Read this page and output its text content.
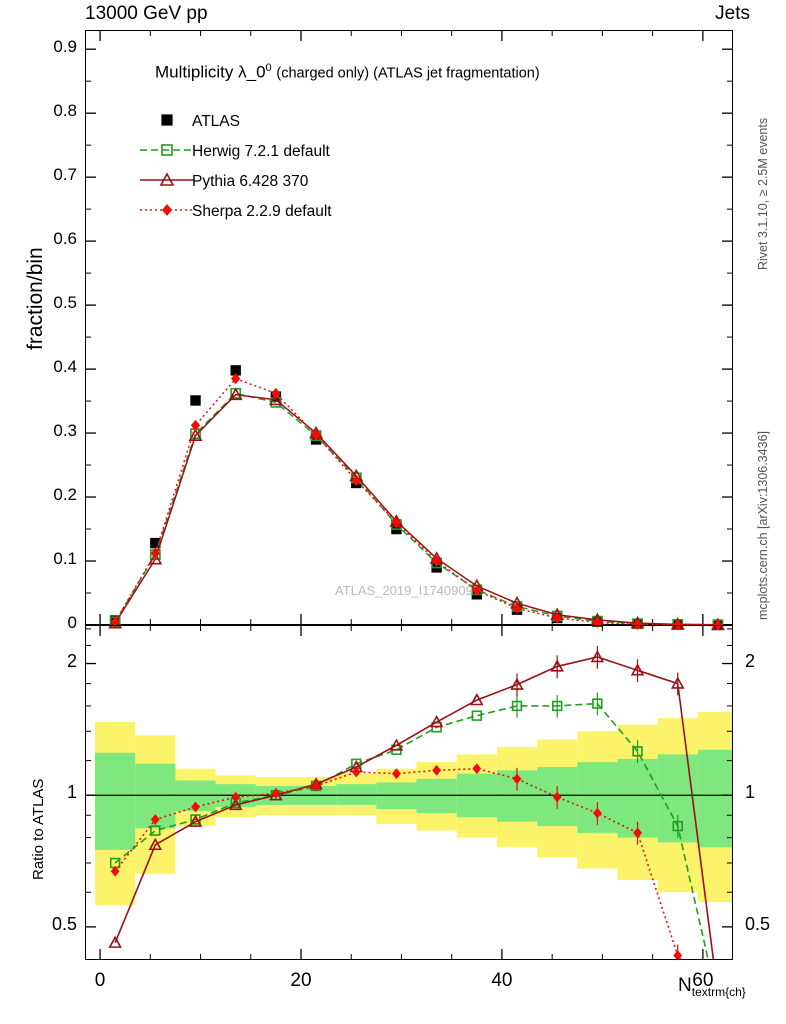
13000 GeV pp	Jets
fraction/bin
Ratio to ATLAS
Rivet 3.1.10, ≥ 2.5M events
mcplots.cern.ch [arXiv:1306.3436]
Multiplicity $\lambda\_0^0$ (charged only) (ATLAS jet fragmentation)
ATLAS
Herwig 7.2.1 default
Pythia 6.428 370
Sherpa 2.2.9 default
ATLAS_2019_I1740909
$N_{textrm\{ch\}}$
0
0.1
0.2
0.3
0.4
0.5
0.6
0.7
0.8
0.9
0.5	0.5
1	1
2	2
0	20	40	60
